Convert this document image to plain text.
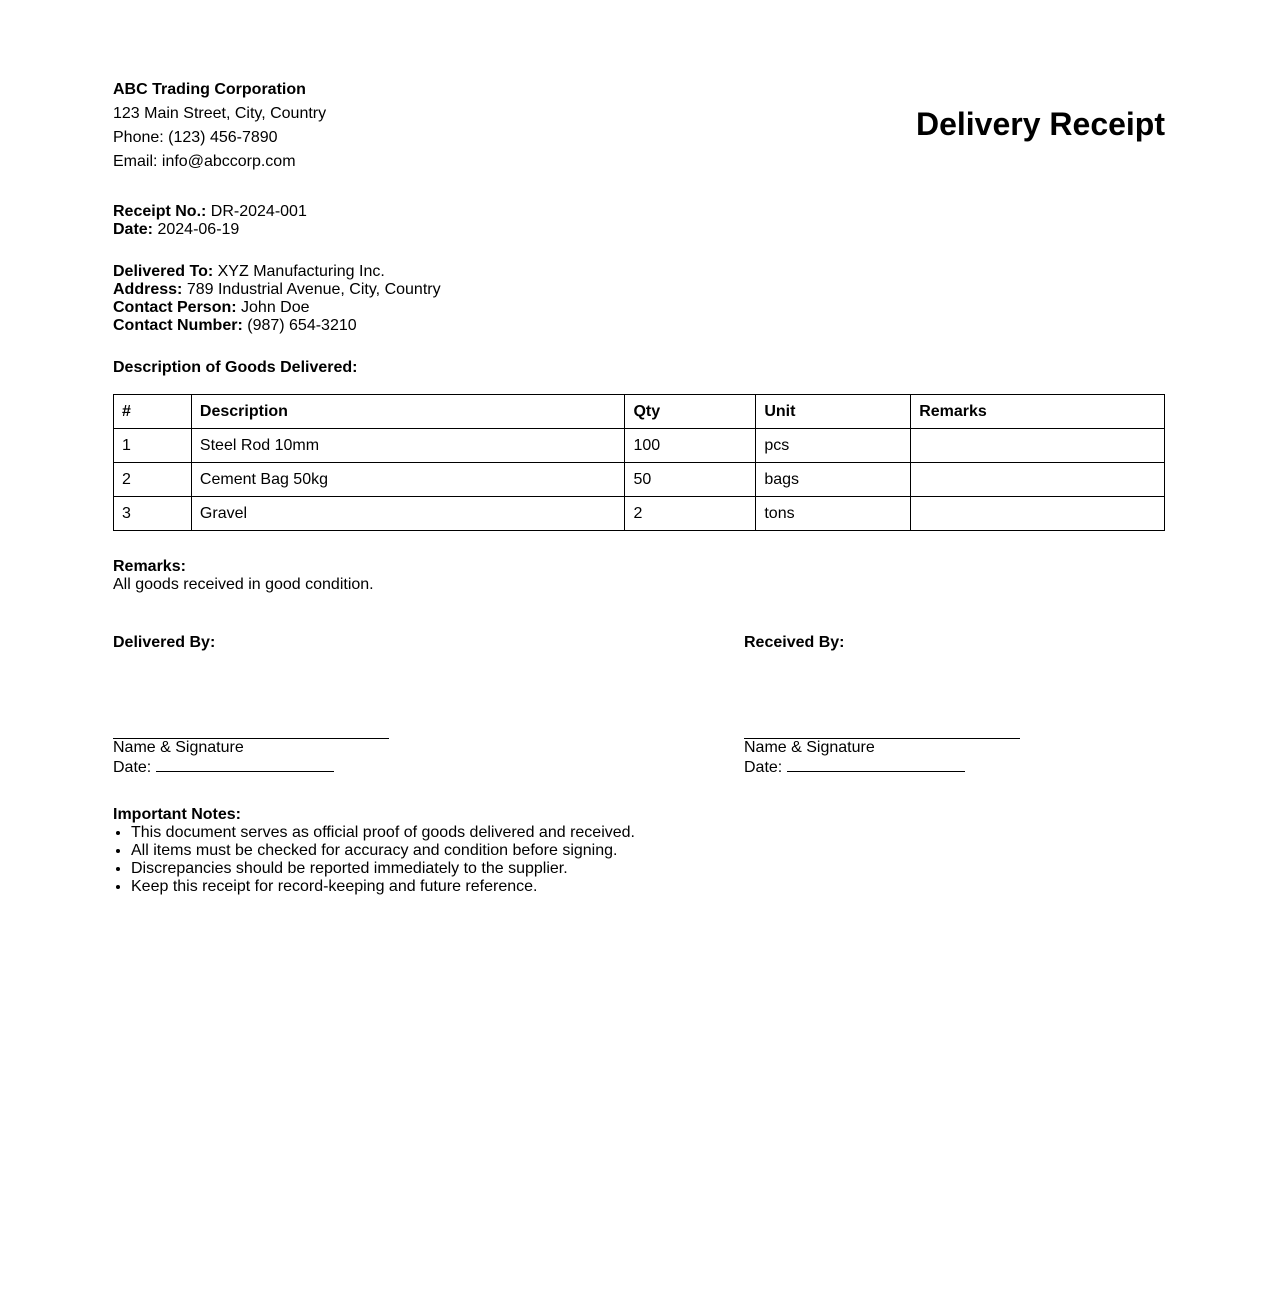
ABC Trading Corporation
123 Main Street, City, Country
Phone: (123) 456-7890
Email: info@abccorp.com
Delivery Receipt
Receipt No.: DR-2024-001
Date: 2024-06-19
Delivered To: XYZ Manufacturing Inc.
Address: 789 Industrial Avenue, City, Country
Contact Person: John Doe
Contact Number: (987) 654-3210
Description of Goods Delivered:
#	Description	Qty	Unit	Remarks
1	Steel Rod 10mm	100	pcs	
2	Cement Bag 50kg	50	bags	
3	Gravel	2	tons	
Remarks:
All goods received in good condition.
Delivered By:
Name & Signature
Date:
Received By:
Name & Signature
Date:
Important Notes:
• This document serves as official proof of goods delivered and received.
• All items must be checked for accuracy and condition before signing.
• Discrepancies should be reported immediately to the supplier.
• Keep this receipt for record-keeping and future reference.
